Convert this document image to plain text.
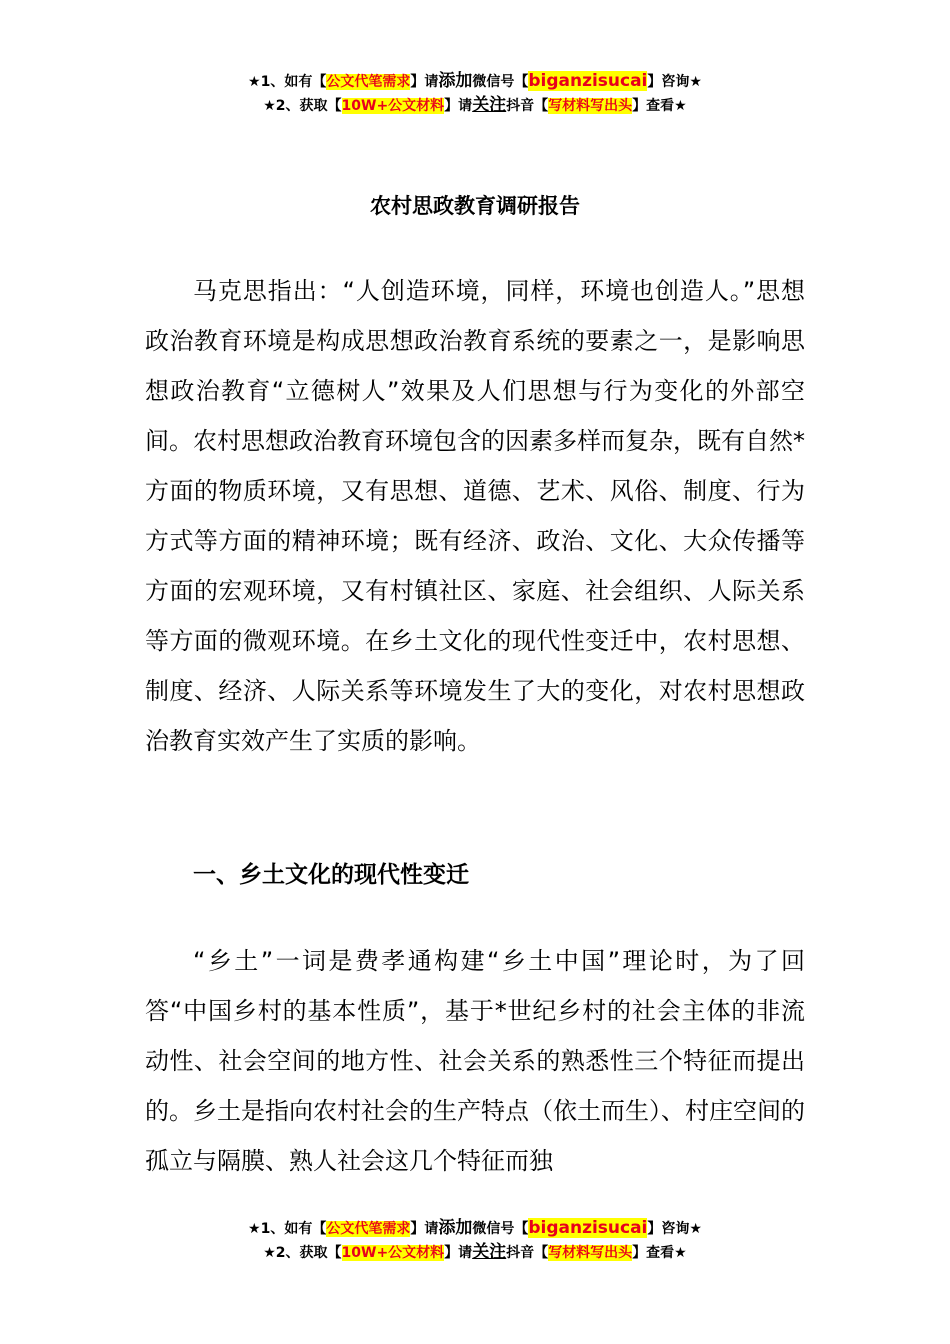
★1、如有【公文代笔需求】请添加微信号【biganzisucai】咨询★
★2、获取【10W+公文材料】请关注抖音【写材料写出头】查看★
农村思政教育调研报告

马克思指出：“人创造环境，同样，环境也创造人。”思想政治教育环境是构成思想政治教育系统的要素之一，是影响思想政治教育“立德树人”效果及人们思想与行为变化的外部空间。农村思想政治教育环境包含的因素多样而复杂，既有自然*方面的物质环境，又有思想、道德、艺术、风俗、制度、行为方式等方面的精神环境；既有经济、政治、文化、大众传播等方面的宏观环境，又有村镇社区、家庭、社会组织、人际关系等方面的微观环境。在乡土文化的现代性变迁中，农村思想、制度、经济、人际关系等环境发生了大的变化，对农村思想政治教育实效产生了实质的影响。

一、乡土文化的现代性变迁

“乡土”一词是费孝通构建“乡土中国”理论时，为了回答“中国乡村的基本性质”，基于*世纪乡村的社会主体的非流动性、社会空间的地方性、社会关系的熟悉性三个特征而提出的。乡土是指向农村社会的生产特点（依土而生）、村庄空间的孤立与隔膜、熟人社会这几个特征而独

★1、如有【公文代笔需求】请添加微信号【biganzisucai】咨询★
★2、获取【10W+公文材料】请关注抖音【写材料写出头】查看★
